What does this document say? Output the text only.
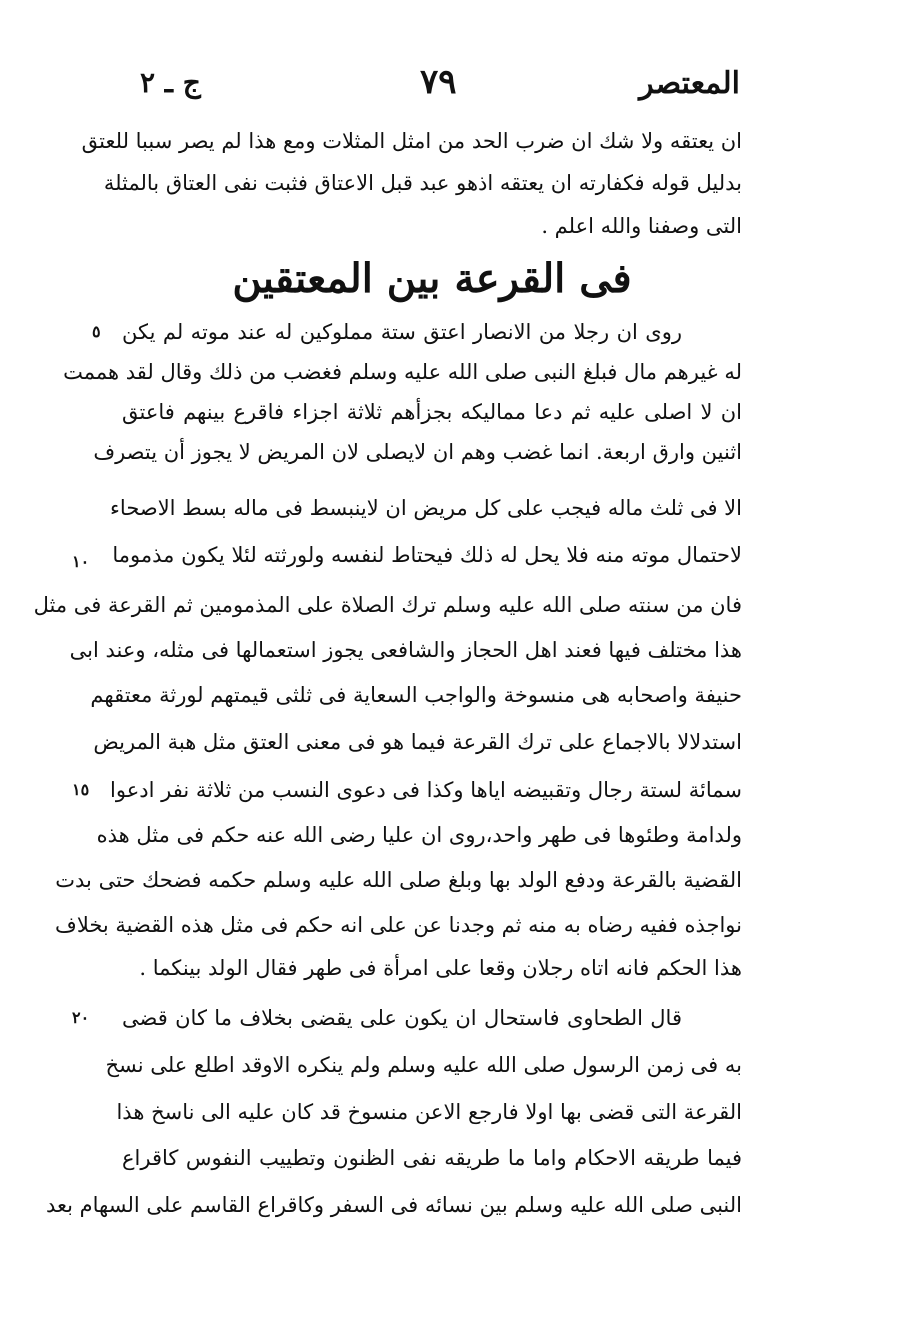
المعتصر
٧٩
ج ـ ٢
ان يعتقه ولا شك ان ضرب الحد من امثل المثلات ومع هذا لم يصر سببا للعتق
بدليل قوله فكفارته ان يعتقه اذهو عبد قبل الاعتاق فثبت نفى العتاق بالمثلة
التى وصفنا والله اعلم .
فى القرعة بين المعتقين
روى ان رجلا من الانصار اعتق ستة مملوكين له عند موته لم يكن
له غيرهم مال فبلغ النبى صلى الله عليه وسلم فغضب من ذلك وقال لقد هممت
ان لا اصلى عليه ثم دعا مماليكه بجزأهم ثلاثة اجزاء فاقرع بينهم فاعتق
اثنين وارق اربعة. انما غضب وهم ان لايصلى لان المريض لا يجوز أن يتصرف
الا فى ثلث ماله فيجب على كل مريض ان لاينبسط فى ماله بسط الاصحاء
لاحتمال موته منه فلا يحل له ذلك فيحتاط لنفسه ولورثته لئلا يكون مذموما
فان من سنته صلى الله عليه وسلم ترك الصلاة على المذمومين ثم القرعة فى مثل
هذا مختلف فيها فعند اهل الحجاز والشافعى يجوز استعمالها فى مثله، وعند ابى
حنيفة واصحابه هى منسوخة والواجب السعاية فى ثلثى قيمتهم لورثة معتقهم
استدلالا بالاجماع على ترك القرعة فيما هو فى معنى العتق مثل هبة المريض
سمائة لستة رجال وتقبيضه اياها وكذا فى دعوى النسب من ثلاثة نفر ادعوا
ولدامة وطئوها فى طهر واحد،روى ان عليا رضى الله عنه حكم فى مثل هذه
القضية بالقرعة ودفع الولد بها وبلغ صلى الله عليه وسلم حكمه فضحك حتى بدت
نواجذه ففيه رضاه به منه ثم وجدنا عن على انه حكم فى مثل هذه القضية بخلاف
هذا الحكم فانه اتاه رجلان وقعا على امرأة فى طهر فقال الولد بينكما .
قال الطحاوى فاستحال ان يكون على يقضى بخلاف ما كان قضى
به فى زمن الرسول صلى الله عليه وسلم ولم ينكره الاوقد اطلع على نسخ
القرعة التى قضى بها اولا فارجع الاعن منسوخ قد كان عليه الى ناسخ هذا
فيما طريقه الاحكام واما ما طريقه نفى الظنون وتطييب النفوس كاقراع
النبى صلى الله عليه وسلم بين نسائه فى السفر وكاقراع القاسم على السهام بعد
٥
١٠
١٥
٢٠
